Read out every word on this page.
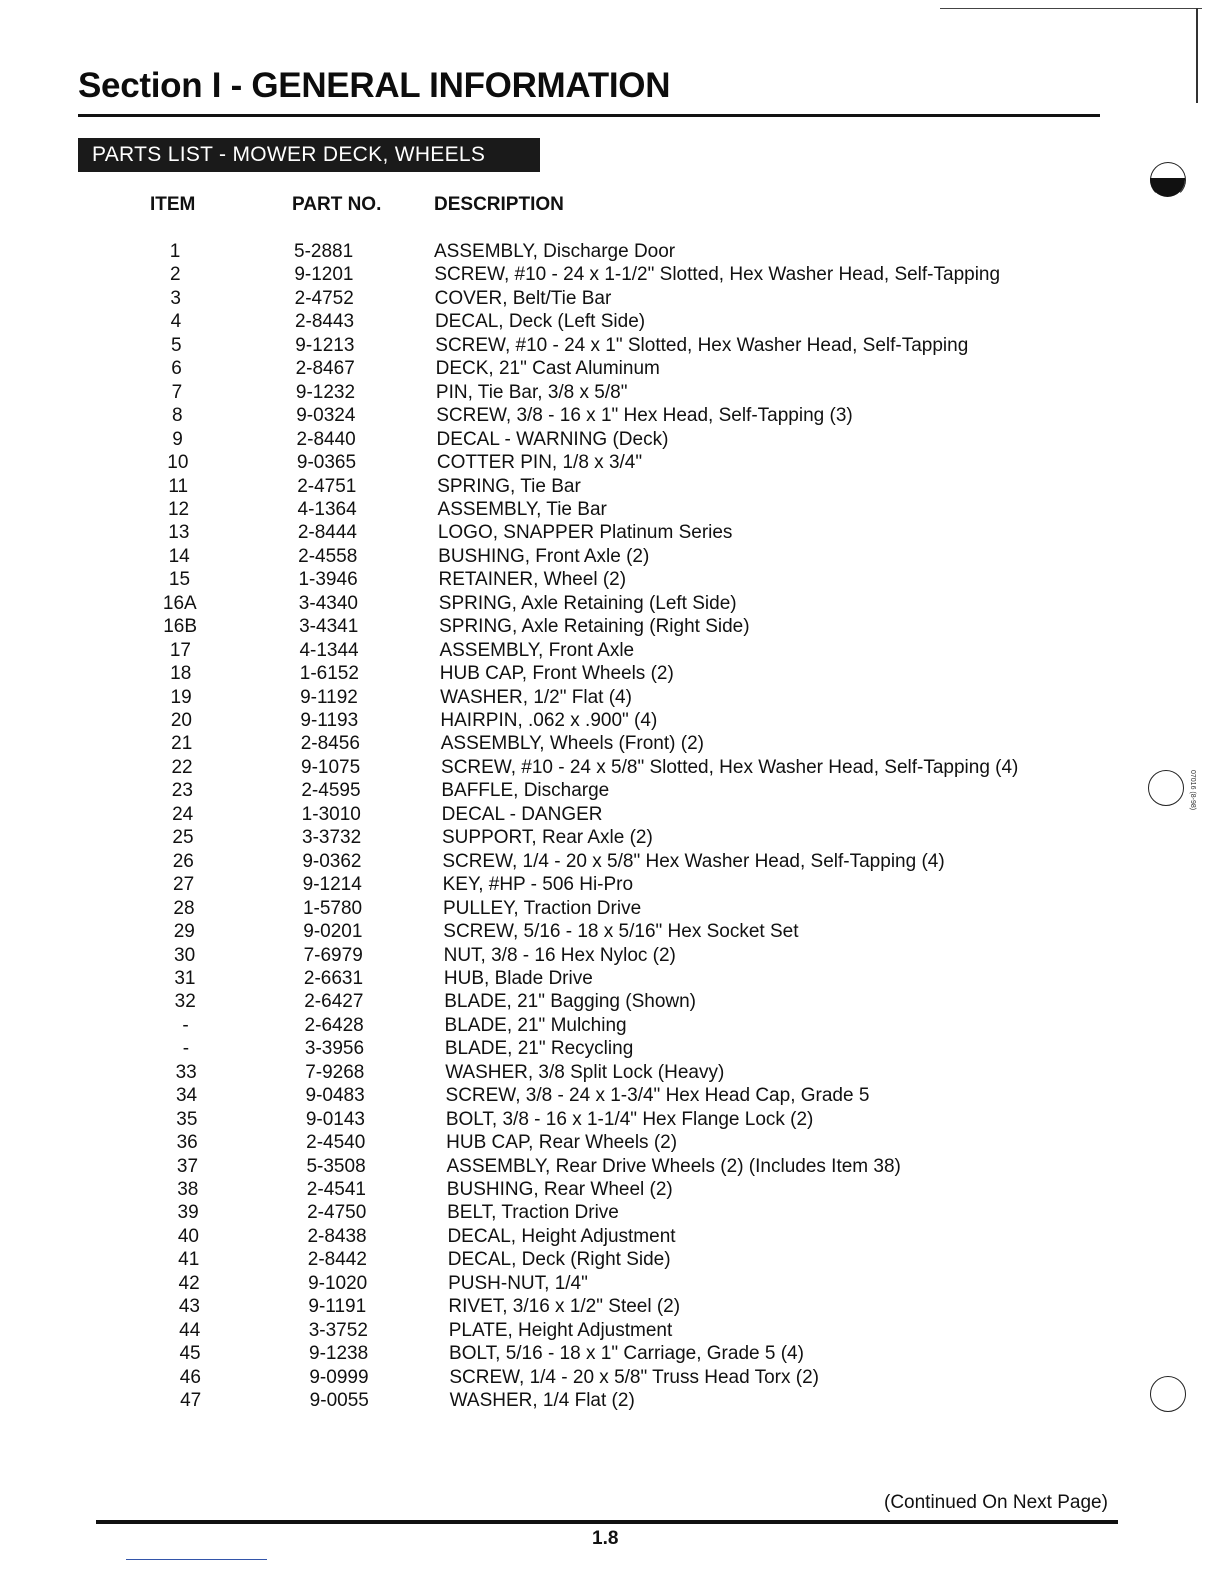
Section I - GENERAL INFORMATION
PARTS LIST - MOWER DECK, WHEELS
ITEM	PART NO.	DESCRIPTION
1	5-2881	ASSEMBLY, Discharge Door
2	9-1201	SCREW, #10 - 24 x 1-1/2" Slotted, Hex Washer Head, Self-Tapping
3	2-4752	COVER, Belt/Tie Bar
4	2-8443	DECAL, Deck (Left Side)
5	9-1213	SCREW, #10 - 24 x 1" Slotted, Hex Washer Head, Self-Tapping
6	2-8467	DECK, 21" Cast Aluminum
7	9-1232	PIN, Tie Bar, 3/8 x 5/8"
8	9-0324	SCREW, 3/8 - 16 x 1" Hex Head, Self-Tapping (3)
9	2-8440	DECAL - WARNING (Deck)
10	9-0365	COTTER PIN, 1/8 x 3/4"
11	2-4751	SPRING, Tie Bar
12	4-1364	ASSEMBLY, Tie Bar
13	2-8444	LOGO, SNAPPER Platinum Series
14	2-4558	BUSHING, Front Axle (2)
15	1-3946	RETAINER, Wheel (2)
16A	3-4340	SPRING, Axle Retaining (Left Side)
16B	3-4341	SPRING, Axle Retaining (Right Side)
17	4-1344	ASSEMBLY, Front Axle
18	1-6152	HUB CAP, Front Wheels (2)
19	9-1192	WASHER, 1/2" Flat (4)
20	9-1193	HAIRPIN, .062 x .900" (4)
21	2-8456	ASSEMBLY, Wheels (Front) (2)
22	9-1075	SCREW, #10 - 24 x 5/8" Slotted, Hex Washer Head, Self-Tapping (4)
23	2-4595	BAFFLE, Discharge
24	1-3010	DECAL - DANGER
25	3-3732	SUPPORT, Rear Axle (2)
26	9-0362	SCREW, 1/4 - 20 x 5/8" Hex Washer Head, Self-Tapping (4)
27	9-1214	KEY, #HP - 506 Hi-Pro
28	1-5780	PULLEY, Traction Drive
29	9-0201	SCREW, 5/16 - 18 x 5/16" Hex Socket Set
30	7-6979	NUT, 3/8 - 16 Hex Nyloc (2)
31	2-6631	HUB, Blade Drive
32	2-6427	BLADE, 21" Bagging (Shown)
-	2-6428	BLADE, 21" Mulching
-	3-3956	BLADE, 21" Recycling
33	7-9268	WASHER, 3/8 Split Lock (Heavy)
34	9-0483	SCREW, 3/8 - 24 x 1-3/4" Hex Head Cap, Grade 5
35	9-0143	BOLT, 3/8 - 16 x 1-1/4" Hex Flange Lock (2)
36	2-4540	HUB CAP, Rear Wheels (2)
37	5-3508	ASSEMBLY, Rear Drive Wheels (2) (Includes Item 38)
38	2-4541	BUSHING, Rear Wheel (2)
39	2-4750	BELT, Traction Drive
40	2-8438	DECAL, Height Adjustment
41	2-8442	DECAL, Deck (Right Side)
42	9-1020	PUSH-NUT, 1/4"
43	9-1191	RIVET, 3/16 x 1/2" Steel (2)
44	3-3752	PLATE, Height Adjustment
45	9-1238	BOLT, 5/16 - 18 x 1" Carriage, Grade 5 (4)
46	9-0999	SCREW, 1/4 - 20 x 5/8" Truss Head Torx (2)
47	9-0055	WASHER, 1/4 Flat (2)
07016 (8-98)
(Continued On Next Page)
1.8
